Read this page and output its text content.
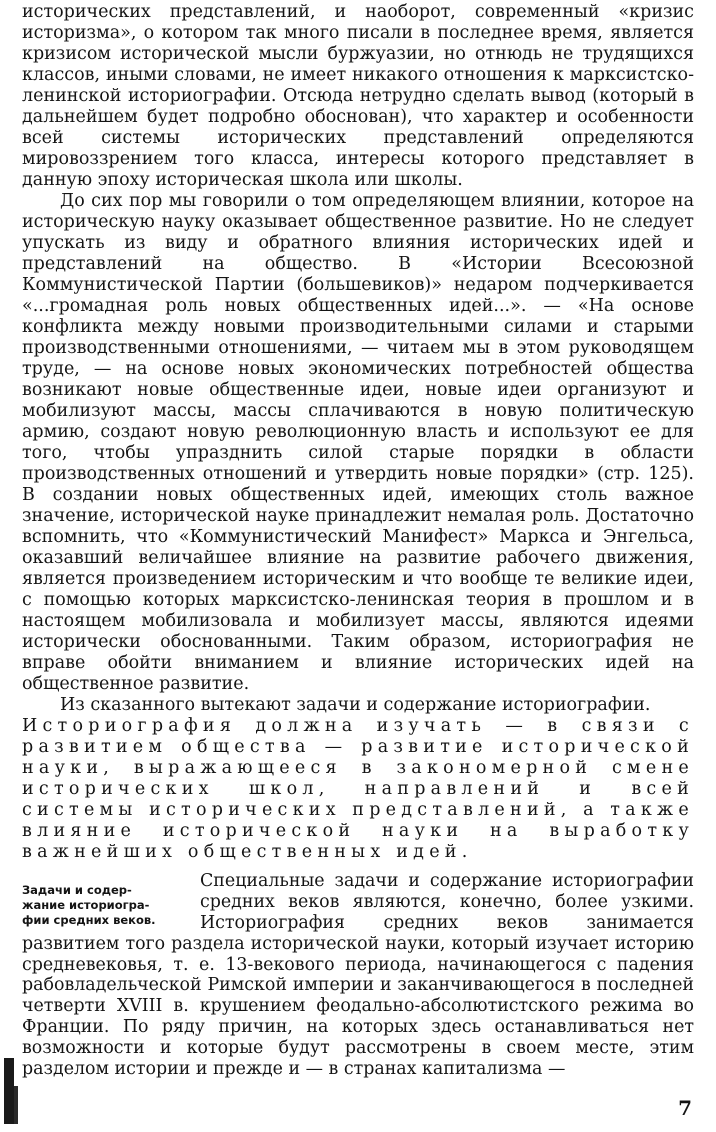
исторических представлений, и наоборот, современный «кризис историзма», о котором так много писали в последнее время, является кризисом исторической мысли буржуазии, но отнюдь не трудящихся классов, иными словами, не имеет никакого отношения к марксистско-ленинской историографии. Отсюда нетрудно сделать вывод (который в дальнейшем будет подробно обоснован), что характер и особенности всей системы исторических представлений определяются мировоззрением того класса, интересы которого представляет в данную эпоху историческая школа или школы.

До сих пор мы говорили о том определяющем влиянии, которое на историческую науку оказывает общественное развитие. Но не следует упускать из виду и обратного влияния исторических идей и представлений на общество. В «Истории Всесоюзной Коммунистической Партии (большевиков)» недаром подчеркивается «...громадная роль новых общественных идей...». — «На основе конфликта между новыми производительными силами и старыми производственными отношениями, — читаем мы в этом руководящем труде, — на основе новых экономических потребностей общества возникают новые общественные идеи, новые идеи организуют и мобилизуют массы, массы сплачиваются в новую политическую армию, создают новую революционную власть и используют ее для того, чтобы упразднить силой старые порядки в области производственных отношений и утвердить новые порядки» (стр. 125). В создании новых общественных идей, имеющих столь важное значение, исторической науке принадлежит немалая роль. Достаточно вспомнить, что «Коммунистический Манифест» Маркса и Энгельса, оказавший величайшее влияние на развитие рабочего движения, является произведением историческим и что вообще те великие идеи, с помощью которых марксистско-ленинская теория в прошлом и в настоящем мобилизовала и мобилизует массы, являются идеями исторически обоснованными. Таким образом, историография не вправе обойти вниманием и влияние исторических идей на общественное развитие.

Из сказанного вытекают задачи и содержание историографии.

Историография должна изучать — в связи с развитием общества — развитие исторической науки, выражающееся в закономерной смене исторических школ, направлений и всей системы исторических представлений, а также влияние исторической науки на выработку важнейших общественных идей.

Задачи и содер-
жание историогра-
фии средних веков.

Специальные задачи и содержание историографии средних веков являются, конечно, более узкими. Историография средних веков занимается развитием того раздела исторической науки, который изучает историю средневековья, т. е. 13-векового периода, начинающегося с падения рабовладельческой Римской империи и заканчивающегося в последней четверти XVIII в. крушением феодально-абсолютистского режима во Франции. По ряду причин, на которых здесь останавливаться нет возможности и которые будут рассмотрены в своем месте, этим разделом истории и прежде и — в странах капитализма —

7
